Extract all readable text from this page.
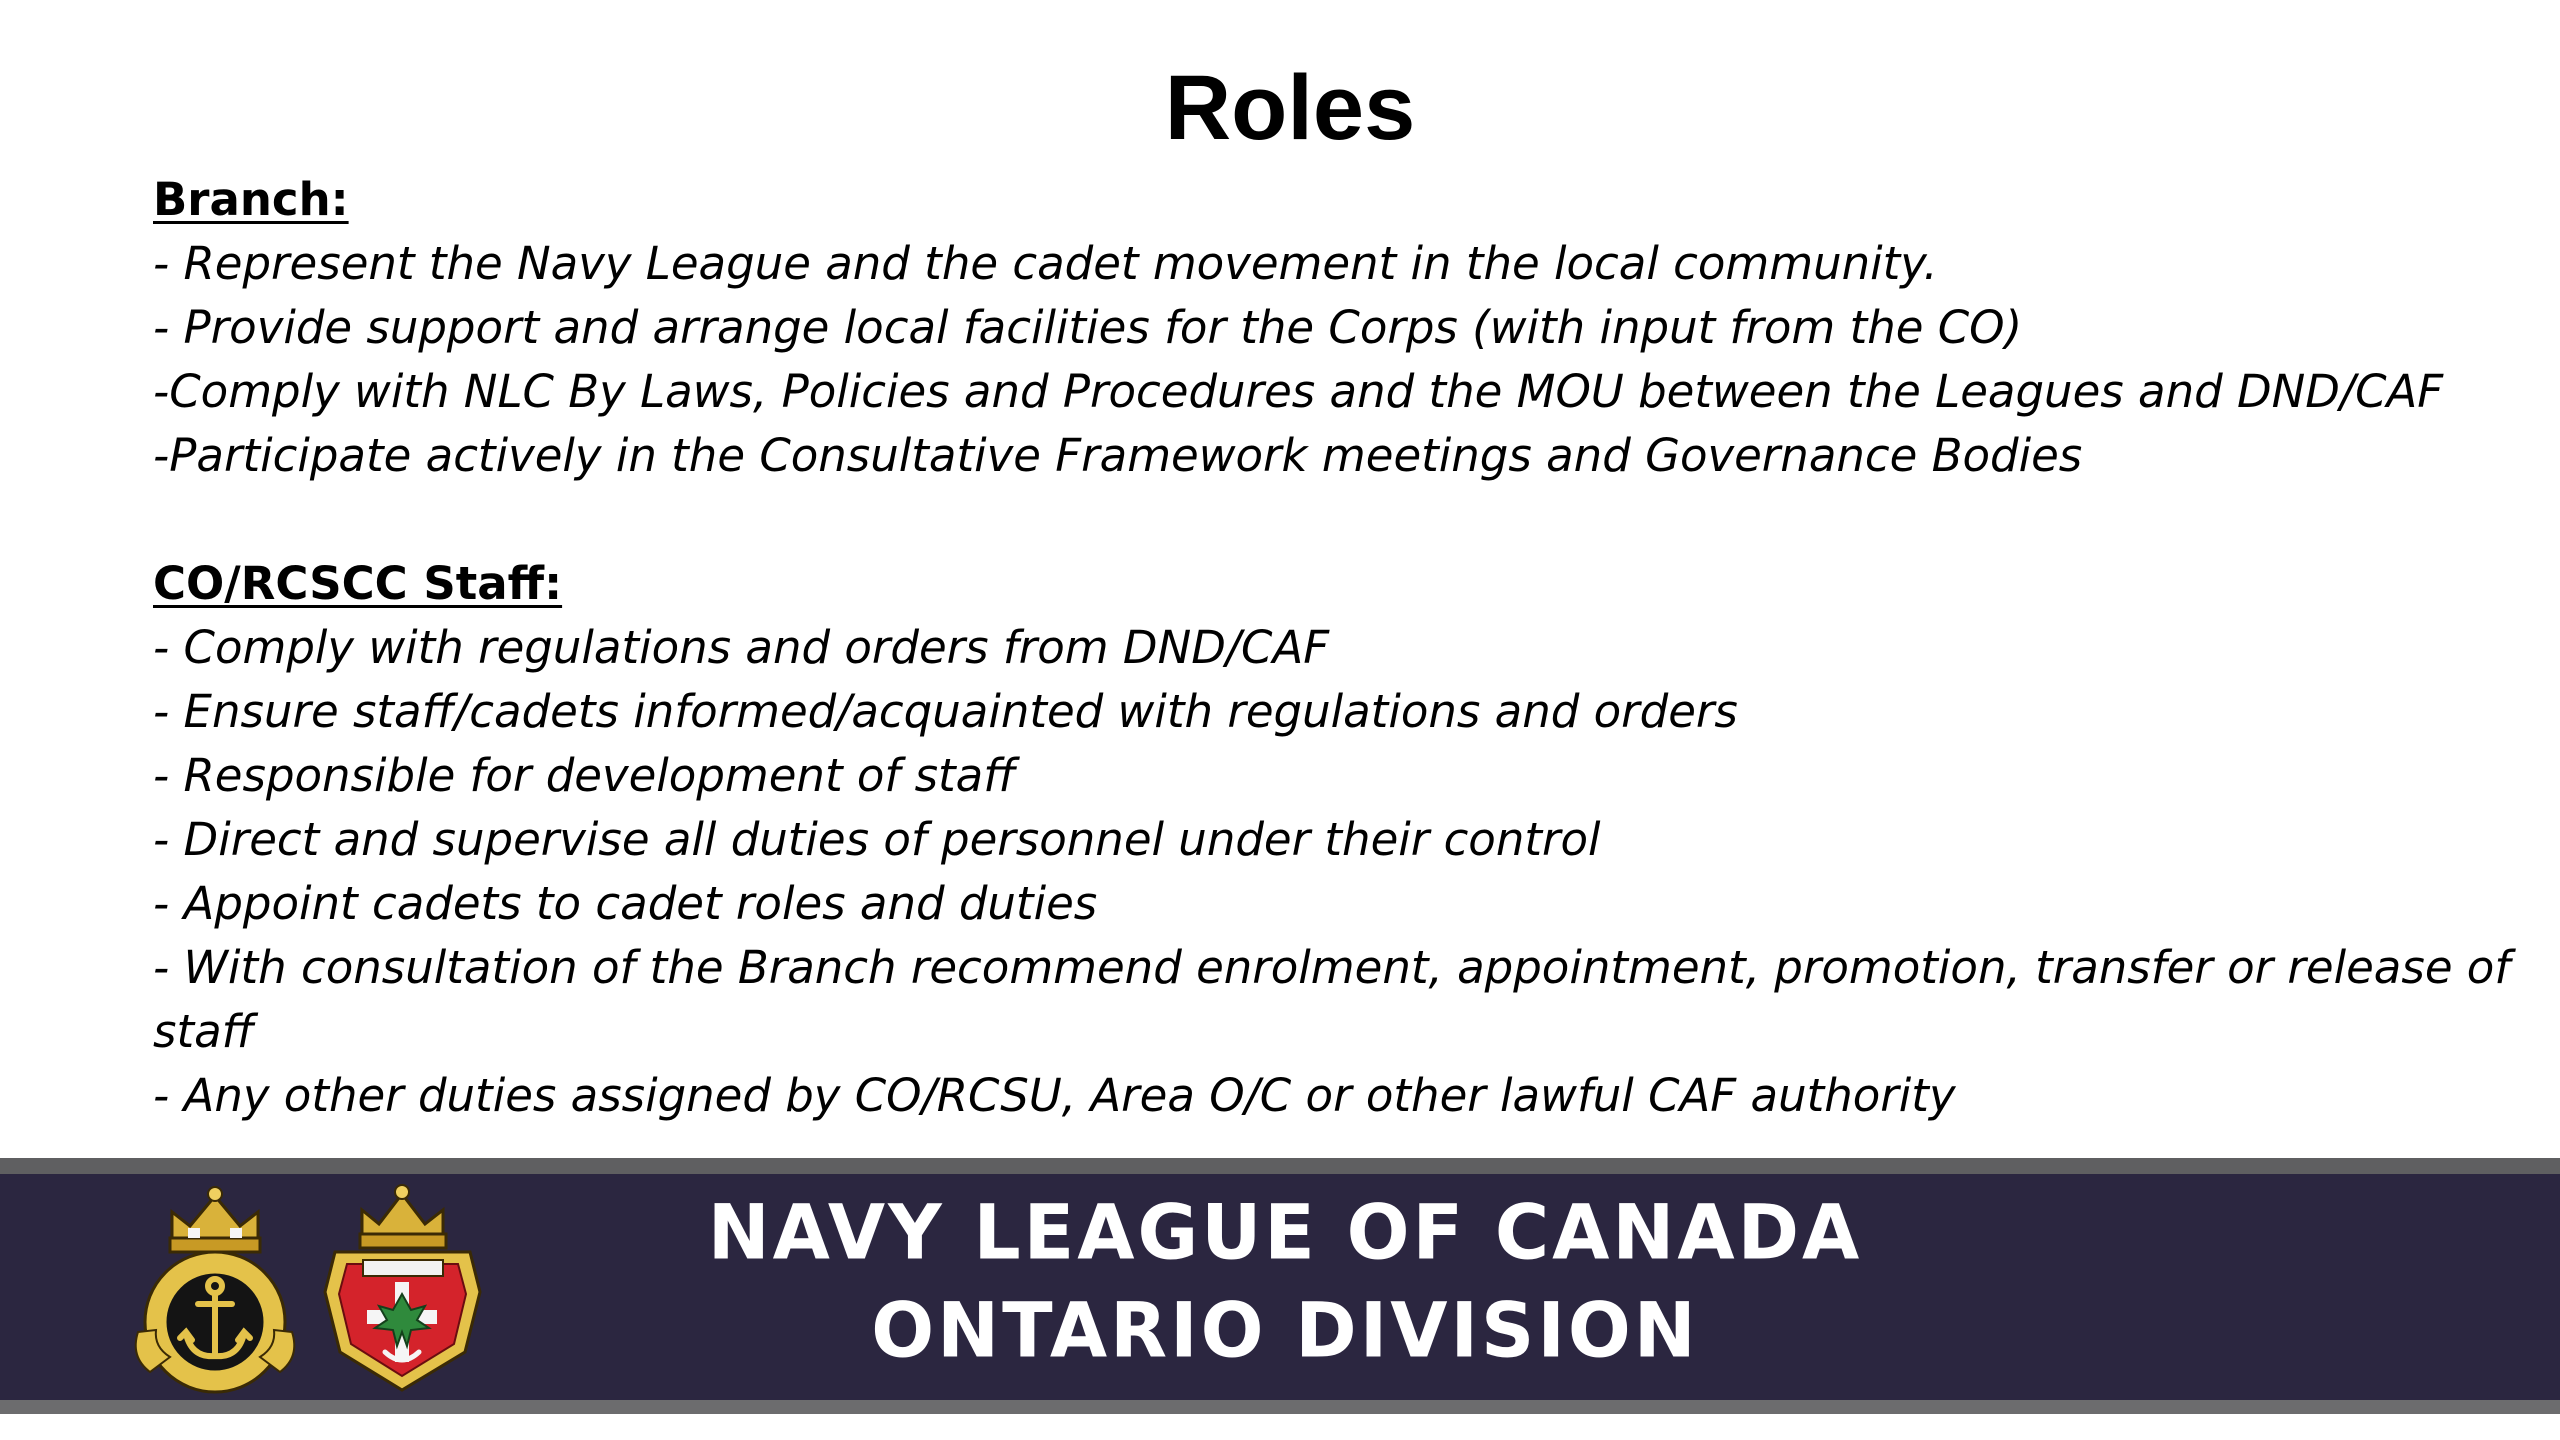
Roles
Branch:
- Represent the Navy League and the cadet movement in the local community.
- Provide support and arrange local facilities for the Corps (with input from the CO)
-Comply with NLC By Laws, Policies and Procedures and the MOU between the Leagues and DND/CAF
-Participate actively in the Consultative Framework meetings and Governance Bodies
CO/RCSCC Staff:
- Comply with regulations and orders from DND/CAF
- Ensure staff/cadets informed/acquainted with regulations and orders
- Responsible for development of staff
- Direct and supervise all duties of personnel under their control
- Appoint cadets to cadet roles and duties
- With consultation of the Branch recommend enrolment, appointment, promotion, transfer or release of
staff
- Any other duties assigned by CO/RCSU, Area O/C or other lawful CAF authority
NAVY LEAGUE OF CANADA
ONTARIO DIVISION
